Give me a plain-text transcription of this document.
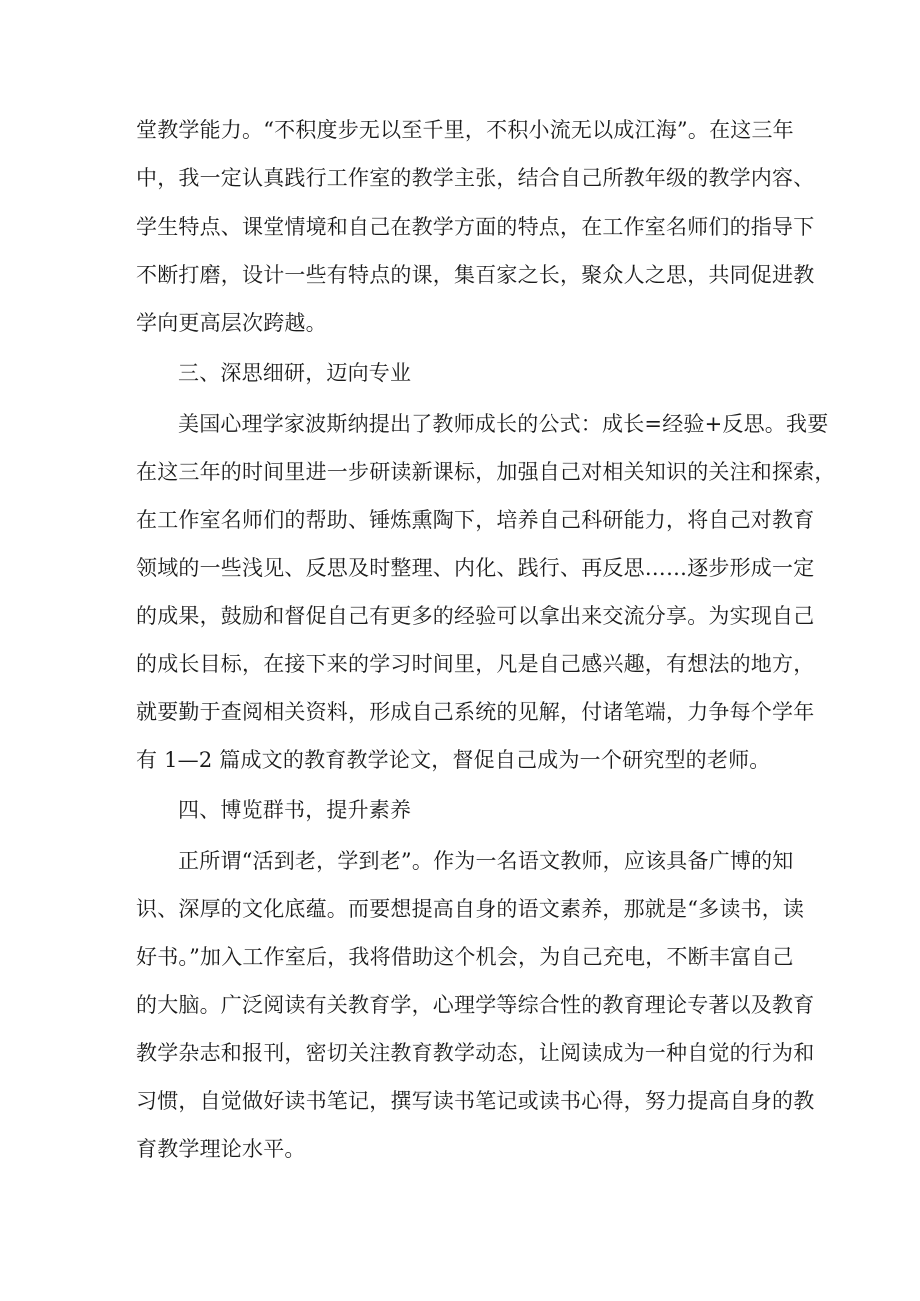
堂教学能力。“不积度步无以至千里，不积小流无以成江海”。在这三年
中，我一定认真践行工作室的教学主张，结合自己所教年级的教学内容、
学生特点、课堂情境和自己在教学方面的特点，在工作室名师们的指导下
不断打磨，设计一些有特点的课，集百家之长，聚众人之思，共同促进教
学向更高层次跨越。
三、深思细研，迈向专业
美国心理学家波斯纳提出了教师成长的公式：成长=经验+反思。我要
在这三年的时间里进一步研读新课标，加强自己对相关知识的关注和探索，
在工作室名师们的帮助、锤炼熏陶下，培养自己科研能力，将自己对教育
领域的一些浅见、反思及时整理、内化、践行、再反思……逐步形成一定
的成果，鼓励和督促自己有更多的经验可以拿出来交流分享。为实现自己
的成长目标，在接下来的学习时间里，凡是自己感兴趣，有想法的地方，
就要勤于查阅相关资料，形成自己系统的见解，付诸笔端，力争每个学年
有 1—2 篇成文的教育教学论文，督促自己成为一个研究型的老师。
四、博览群书，提升素养
正所谓“活到老，学到老”。作为一名语文教师，应该具备广博的知
识、深厚的文化底蕴。而要想提高自身的语文素养，那就是“多读书，读
好书。”加入工作室后，我将借助这个机会，为自己充电，不断丰富自己
的大脑。广泛阅读有关教育学，心理学等综合性的教育理论专著以及教育
教学杂志和报刊，密切关注教育教学动态，让阅读成为一种自觉的行为和
习惯，自觉做好读书笔记，撰写读书笔记或读书心得，努力提高自身的教
育教学理论水平。
